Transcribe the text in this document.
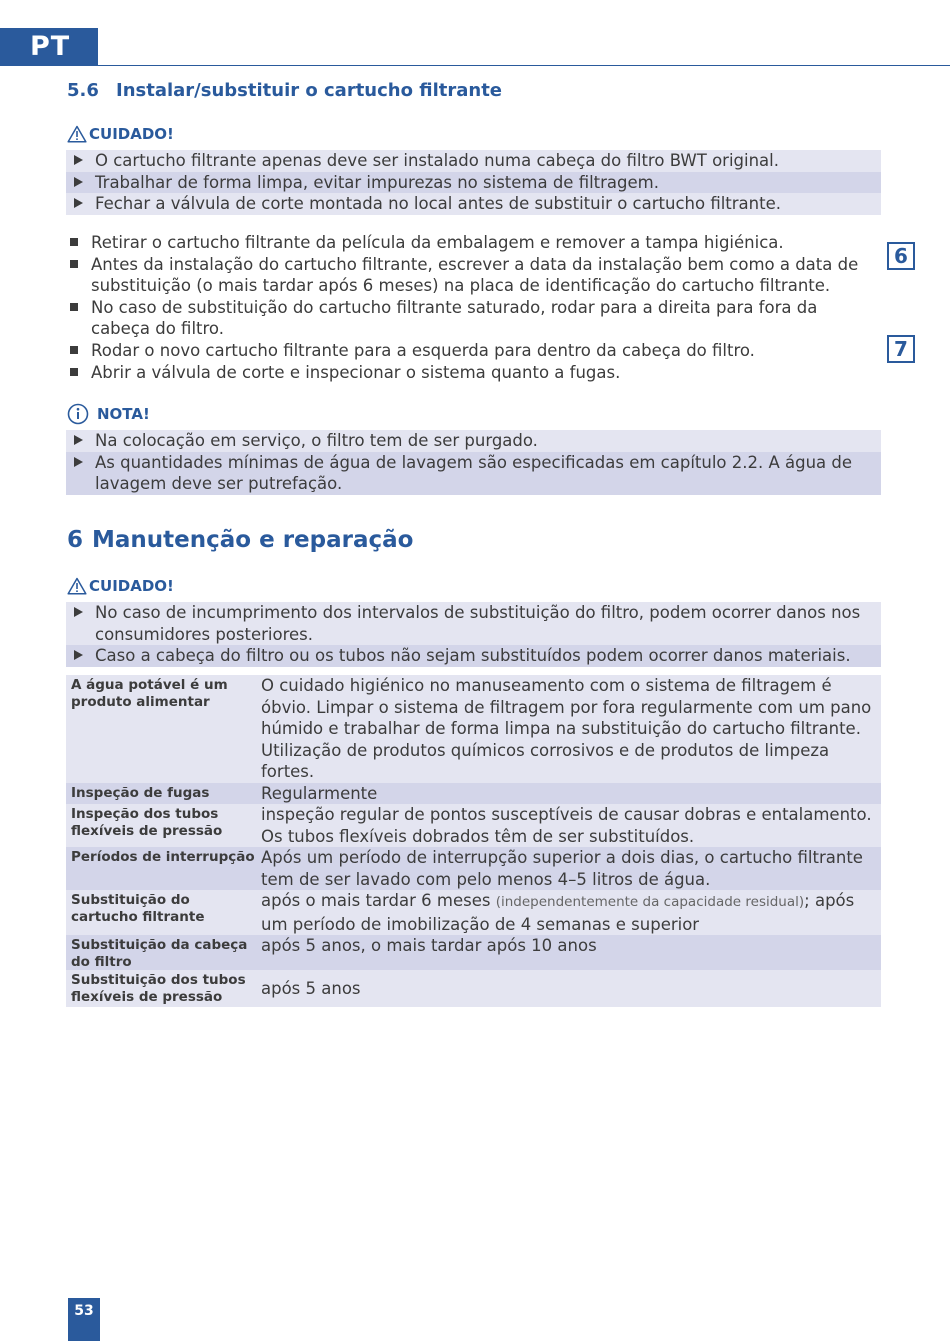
PT
5.6 Instalar/substituir o cartucho filtrante
CUIDADO!
O cartucho filtrante apenas deve ser instalado numa cabeça do filtro BWT original.
Trabalhar de forma limpa, evitar impurezas no sistema de filtragem.
Fechar a válvula de corte montada no local antes de substituir o cartucho filtrante.
Retirar o cartucho filtrante da película da embalagem e remover a tampa higiénica.
Antes da instalação do cartucho filtrante, escrever a data da instalação bem como a data de substituição (o mais tardar após 6 meses) na placa de identificação do cartucho filtrante.
No caso de substituição do cartucho filtrante saturado, rodar para a direita para fora da cabeça do filtro.
Rodar o novo cartucho filtrante para a esquerda para dentro da cabeça do filtro.
Abrir a válvula de corte e inspecionar o sistema quanto a fugas.
6
7
NOTA!
Na colocação em serviço, o filtro tem de ser purgado.
As quantidades mínimas de água de lavagem são especificadas em capítulo 2.2. A água de lavagem deve ser putrefação.
6 Manutenção e reparação
CUIDADO!
No caso de incumprimento dos intervalos de substituição do filtro, podem ocorrer danos nos consumidores posteriores.
Caso a cabeça do filtro ou os tubos não sejam substituídos podem ocorrer danos materiais.
A água potável é um produto alimentar	O cuidado higiénico no manuseamento com o sistema de filtragem é óbvio. Limpar o sistema de filtragem por fora regularmente com um pano húmido e trabalhar de forma limpa na substituição do cartucho filtrante. Utilização de produtos químicos corrosivos e de produtos de limpeza fortes.
Inspeção de fugas	Regularmente
Inspeção dos tubos flexíveis de pressão	inspeção regular de pontos susceptíveis de causar dobras e entalamento. Os tubos flexíveis dobrados têm de ser substituídos.
Períodos de interrupção	Após um período de interrupção superior a dois dias, o cartucho filtrante tem de ser lavado com pelo menos 4–5 litros de água.
Substituição do cartucho filtrante	após o mais tardar 6 meses (independentemente da capacidade residual); após um período de imobilização de 4 semanas e superior
Substituição da cabeça do filtro	após 5 anos, o mais tardar após 10 anos
Substituição dos tubos flexíveis de pressão	após 5 anos
53
